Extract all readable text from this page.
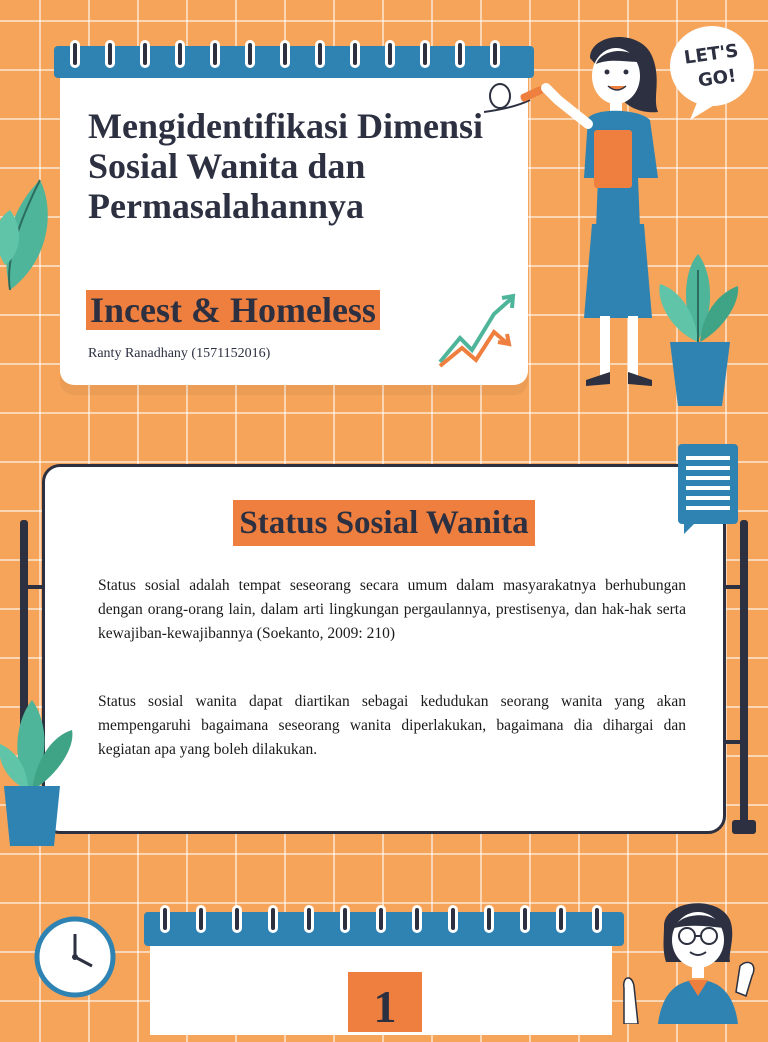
Mengidentifikasi Dimensi Sosial Wanita dan Permasalahannya
Incest & Homeless
Ranty Ranadhany (1571152016)
LET'S
GO!
Status Sosial Wanita

Status sosial adalah tempat seseorang secara umum dalam masyarakatnya berhubungan dengan orang-orang lain, dalam arti lingkungan pergaulannya, prestisenya, dan hak-hak serta kewajiban-kewajibannya (Soekanto, 2009: 210)

Status sosial wanita dapat diartikan sebagai kedudukan seorang wanita yang akan mempengaruhi bagaimana seseorang wanita diperlakukan, bagaimana dia dihargai dan kegiatan apa yang boleh dilakukan.

1
